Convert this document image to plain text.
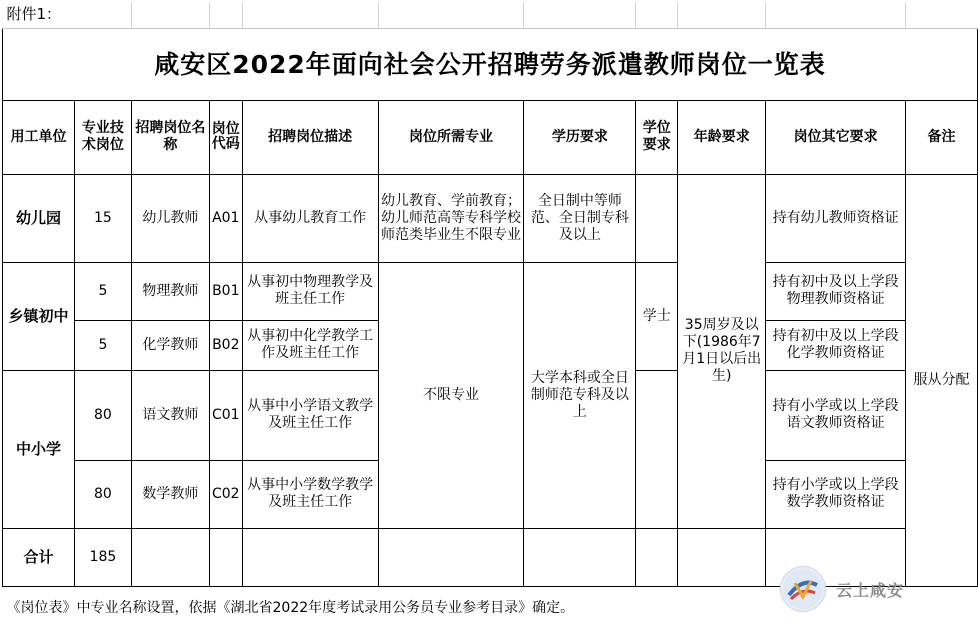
附件1：										
咸安区2022年面向社会公开招聘劳务派遣教师岗位一览表										
用工单位	专业技术岗位	招聘岗位名称	岗位代码	招聘岗位描述	岗位所需专业	学历要求	学位要求	年龄要求	岗位其它要求	备注
幼儿园	15	幼儿教师	A01	从事幼儿教育工作	幼儿教育、学前教育；幼儿师范高等专科学校师范类毕业生不限专业	全日制中等师范、全日制专科及以上		35周岁及以下(1986年7月1日以后出生)	持有幼儿教师资格证	服从分配
乡镇初中	5	物理教师	B01	从事初中物理教学及班主任工作	不限专业	大学本科或全日制师范专科及以上	学士		持有初中及以上学段物理教师资格证	
	5	化学教师	B02	从事初中化学教学工作及班主任工作					持有初中及以上学段化学教师资格证	
中小学	80	语文教师	C01	从事中小学语文教学及班主任工作					持有小学或以上学段语文教师资格证	
	80	数学教师	C02	从事中小学数学教学及班主任工作					持有小学或以上学段数学教师资格证	
合计	185									
《岗位表》中专业名称设置，依据《湖北省2022年度考试录用公务员专业参考目录》确定。										
云上咸安
